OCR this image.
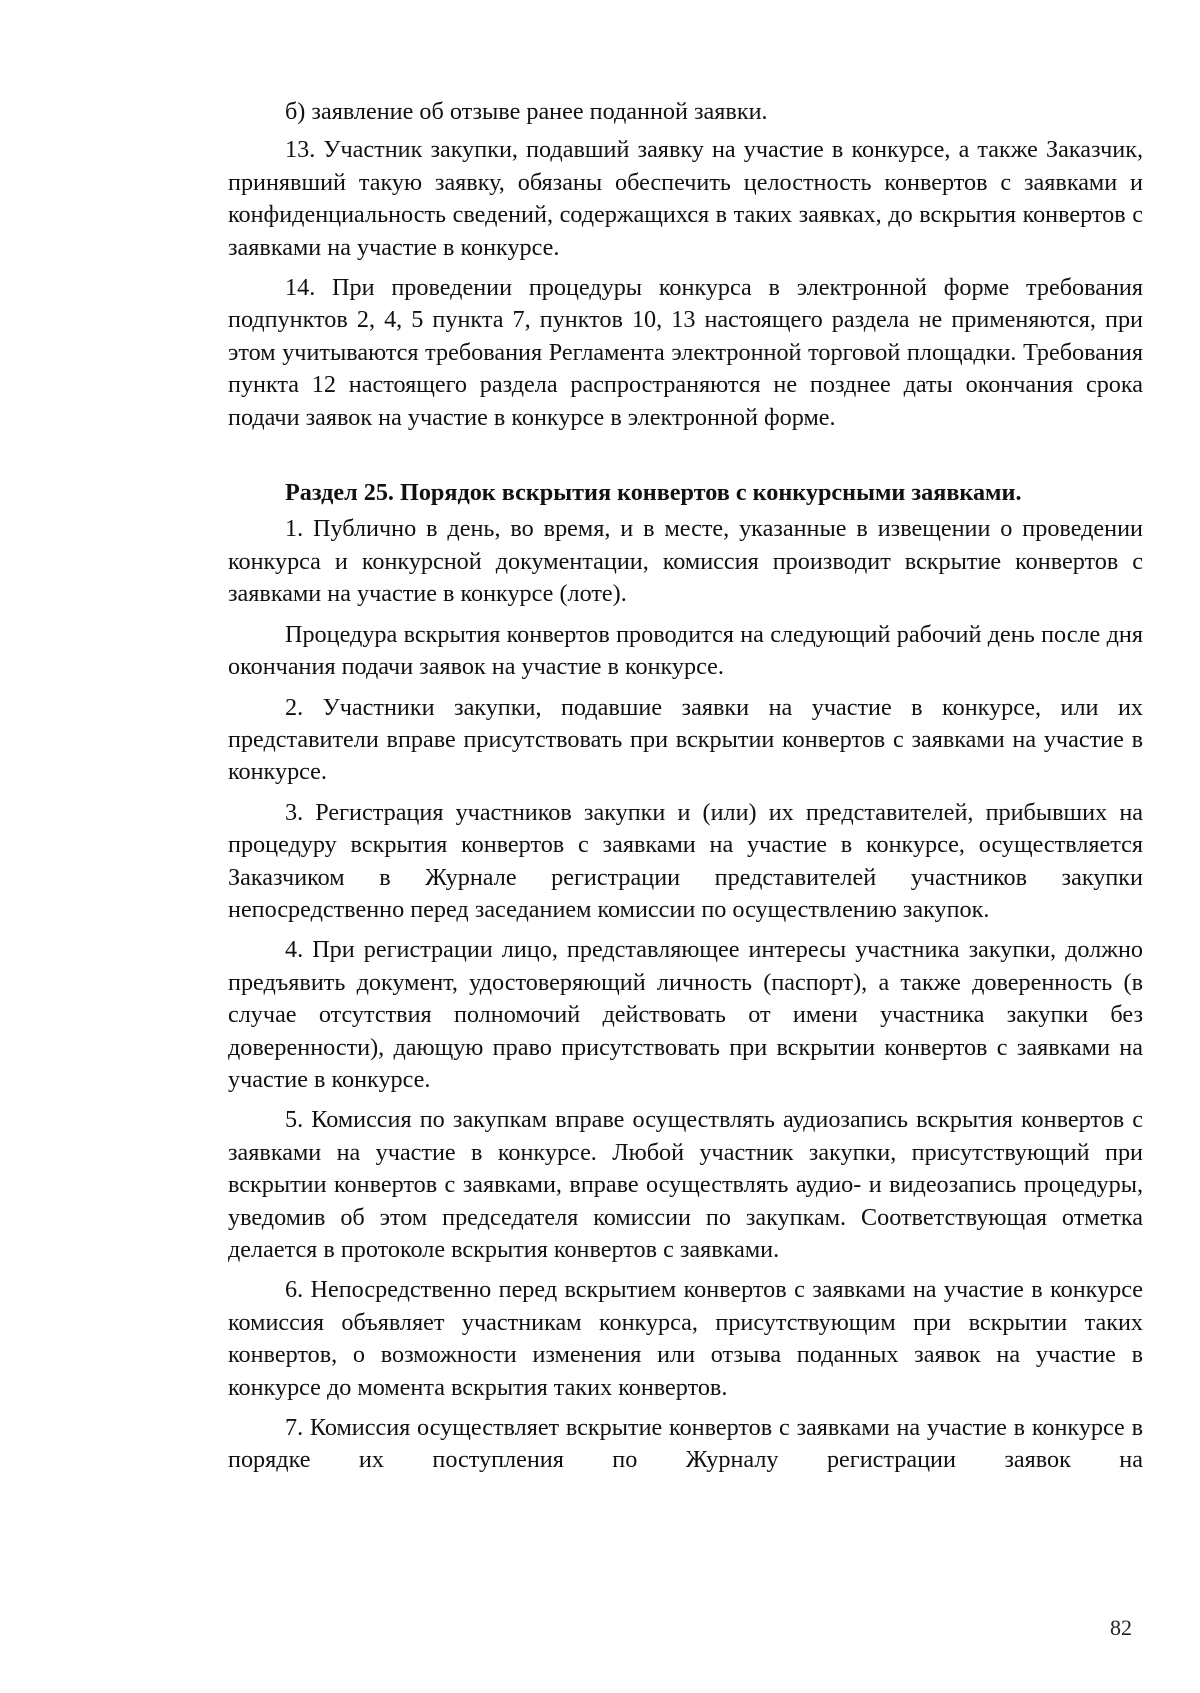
б) заявление об отзыве ранее поданной заявки.

13. Участник закупки, подавший заявку на участие в конкурсе, а также Заказчик, принявший такую заявку, обязаны обеспечить целостность конвертов с заявками и конфиденциальность сведений, содержащихся в таких заявках, до вскрытия конвертов с заявками на участие в конкурсе.

14. При проведении процедуры конкурса в электронной форме требования подпунктов 2, 4, 5 пункта 7, пунктов 10, 13 настоящего раздела не применяются, при этом учитываются требования Регламента электронной торговой площадки. Требования пункта 12 настоящего раздела распространяются не позднее даты окончания срока подачи заявок на участие в конкурсе в электронной форме.

Раздел 25. Порядок вскрытия конвертов с конкурсными заявками.

1. Публично в день, во время, и в месте, указанные в извещении о проведении конкурса и конкурсной документации, комиссия производит вскрытие конвертов с заявками на участие в конкурсе (лоте).

Процедура вскрытия конвертов проводится на следующий рабочий день после дня окончания подачи заявок на участие в конкурсе.

2. Участники закупки, подавшие заявки на участие в конкурсе, или их представители вправе присутствовать при вскрытии конвертов с заявками на участие в конкурсе.

3. Регистрация участников закупки и (или) их представителей, прибывших на процедуру вскрытия конвертов с заявками на участие в конкурсе, осуществляется Заказчиком в Журнале регистрации представителей участников закупки непосредственно перед заседанием комиссии по осуществлению закупок.

4. При регистрации лицо, представляющее интересы участника закупки, должно предъявить документ, удостоверяющий личность (паспорт), а также доверенность (в случае отсутствия полномочий действовать от имени участника закупки без доверенности), дающую право присутствовать при вскрытии конвертов с заявками на участие в конкурсе.

5. Комиссия по закупкам вправе осуществлять аудиозапись вскрытия конвертов с заявками на участие в конкурсе. Любой участник закупки, присутствующий при вскрытии конвертов с заявками, вправе осуществлять аудио- и видеозапись процедуры, уведомив об этом председателя комиссии по закупкам. Соответствующая отметка делается в протоколе вскрытия конвертов с заявками.

6. Непосредственно перед вскрытием конвертов с заявками на участие в конкурсе комиссия объявляет участникам конкурса, присутствующим при вскрытии таких конвертов, о возможности изменения или отзыва поданных заявок на участие в конкурсе до момента вскрытия таких конвертов.

7. Комиссия осуществляет вскрытие конвертов с заявками на участие в конкурсе в порядке их поступления по Журналу регистрации заявок на

82
